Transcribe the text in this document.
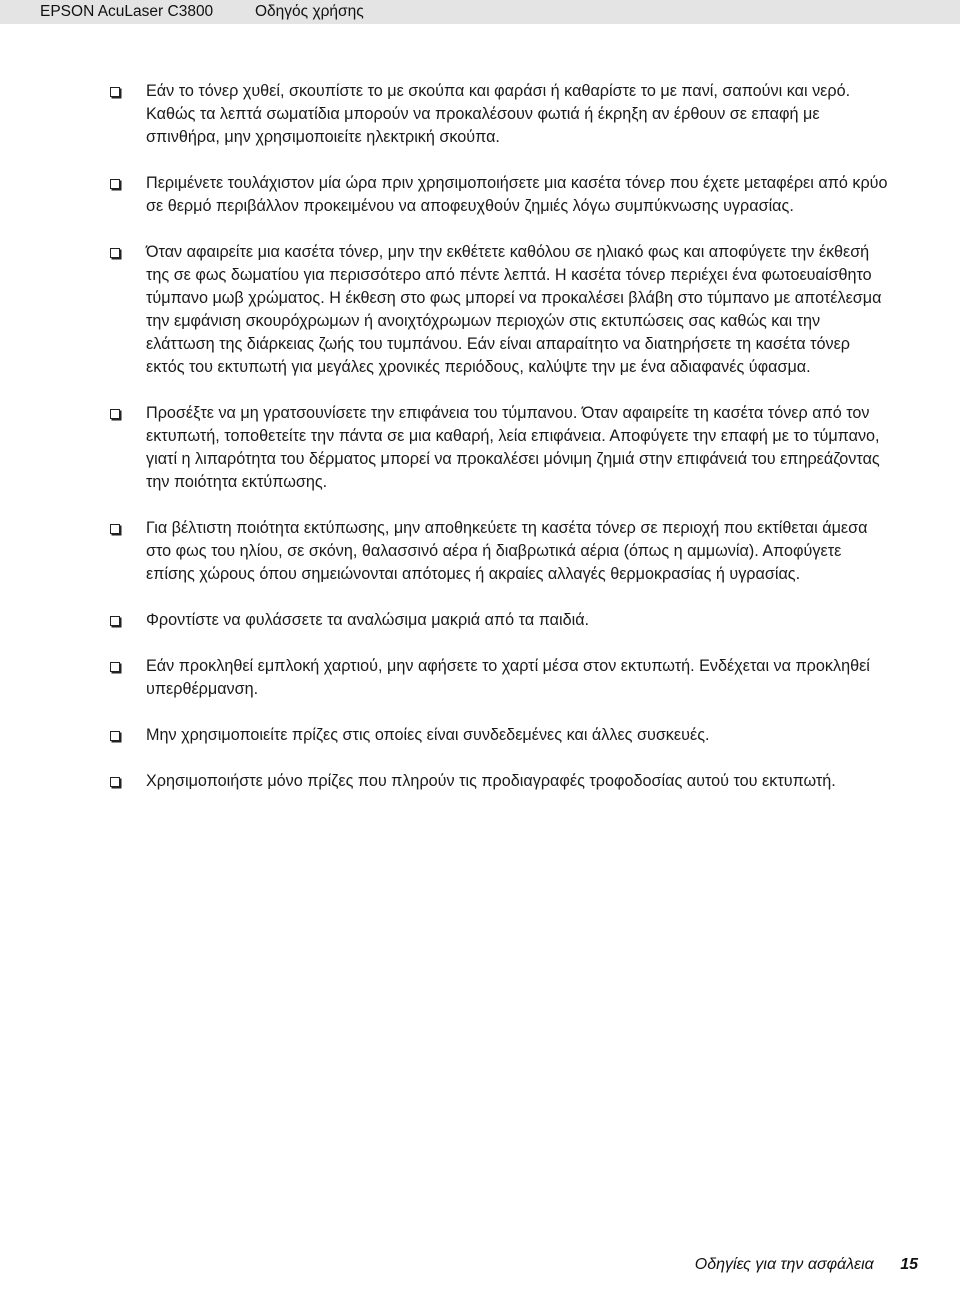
EPSON AcuLaser C3800	Οδηγός χρήσης
Εάν το τόνερ χυθεί, σκουπίστε το με σκούπα και φαράσι ή καθαρίστε το με πανί, σαπούνι και νερό. Καθώς τα λεπτά σωματίδια μπορούν να προκαλέσουν φωτιά ή έκρηξη αν έρθουν σε επαφή με σπινθήρα, μην χρησιμοποιείτε ηλεκτρική σκούπα.
Περιμένετε τουλάχιστον μία ώρα πριν χρησιμοποιήσετε μια κασέτα τόνερ που έχετε μεταφέρει από κρύο σε θερμό περιβάλλον προκειμένου να αποφευχθούν ζημιές λόγω συμπύκνωσης υγρασίας.
Όταν αφαιρείτε μια κασέτα τόνερ, μην την εκθέτετε καθόλου σε ηλιακό φως και αποφύγετε την έκθεσή της σε φως δωματίου για περισσότερο από πέντε λεπτά. Η κασέτα τόνερ περιέχει ένα φωτοευαίσθητο τύμπανο μωβ χρώματος. Η έκθεση στο φως μπορεί να προκαλέσει βλάβη στο τύμπανο με αποτέλεσμα την εμφάνιση σκουρόχρωμων ή ανοιχτόχρωμων περιοχών στις εκτυπώσεις σας καθώς και την ελάττωση της διάρκειας ζωής του τυμπάνου. Εάν είναι απαραίτητο να διατηρήσετε τη κασέτα τόνερ εκτός του εκτυπωτή για μεγάλες χρονικές περιόδους, καλύψτε την με ένα αδιαφανές ύφασμα.
Προσέξτε να μη γρατσουνίσετε την επιφάνεια του τύμπανου. Όταν αφαιρείτε τη κασέτα τόνερ από τον εκτυπωτή, τοποθετείτε την πάντα σε μια καθαρή, λεία επιφάνεια. Αποφύγετε την επαφή με το τύμπανο, γιατί η λιπαρότητα του δέρματος μπορεί να προκαλέσει μόνιμη ζημιά στην επιφάνειά του επηρεάζοντας την ποιότητα εκτύπωσης.
Για βέλτιστη ποιότητα εκτύπωσης, μην αποθηκεύετε τη κασέτα τόνερ σε περιοχή που εκτίθεται άμεσα στο φως του ηλίου, σε σκόνη, θαλασσινό αέρα ή διαβρωτικά αέρια (όπως η αμμωνία). Αποφύγετε επίσης χώρους όπου σημειώνονται απότομες ή ακραίες αλλαγές θερμοκρασίας ή υγρασίας.
Φροντίστε να φυλάσσετε τα αναλώσιμα μακριά από τα παιδιά.
Εάν προκληθεί εμπλοκή χαρτιού, μην αφήσετε το χαρτί μέσα στον εκτυπωτή. Ενδέχεται να προκληθεί υπερθέρμανση.
Μην χρησιμοποιείτε πρίζες στις οποίες είναι συνδεδεμένες και άλλες συσκευές.
Χρησιμοποιήστε μόνο πρίζες που πληρούν τις προδιαγραφές τροφοδοσίας αυτού του εκτυπωτή.
Οδηγίες για την ασφάλεια 15
